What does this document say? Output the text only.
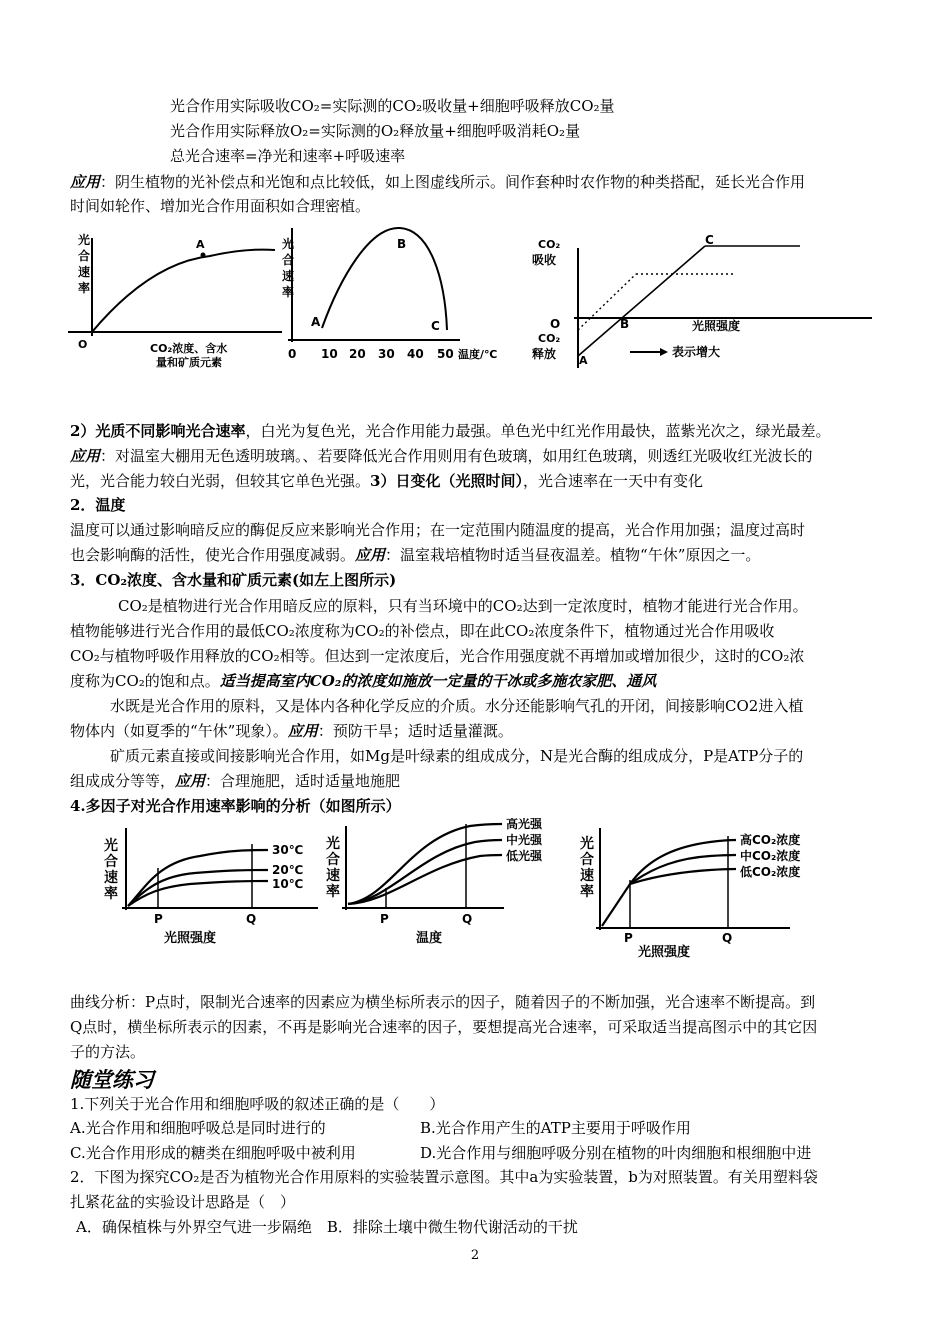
光合作用实际吸收CO₂=实际测的CO₂吸收量+细胞呼吸释放CO₂量
光合作用实际释放O₂=实际测的O₂释放量+细胞呼吸消耗O₂量
总光合速率=净光和速率+呼吸速率
应用：阴生植物的光补偿点和光饱和点比较低，如上图虚线所示。间作套种时农作物的种类搭配，延长光合作用
时间如轮作、增加光合作用面积如合理密植。
光
合
速
率
A
O	CO₂浓度、含水
量和矿质元素
光
合
速
率
A
B
C
0 10 20 30 40 50 温度/℃
CO₂
吸收
O
CO₂
释放 A
B
C
光照强度
表示增大
2）光质不同影响光合速率，白光为复色光，光合作用能力最强。单色光中红光作用最快，蓝紫光次之，绿光最差。
应用：对温室大棚用无色透明玻璃。、若要降低光合作用则用有色玻璃，如用红色玻璃，则透红光吸收红光波长的
光，光合能力较白光弱，但较其它单色光强。3）日变化（光照时间），光合速率在一天中有变化
2．温度
温度可以通过影响暗反应的酶促反应来影响光合作用；在一定范围内随温度的提高，光合作用加强；温度过高时
也会影响酶的活性，使光合作用强度减弱。应用：温室栽培植物时适当昼夜温差。植物“午休”原因之一。
3．CO₂浓度、含水量和矿质元素(如左上图所示)
CO₂是植物进行光合作用暗反应的原料，只有当环境中的CO₂达到一定浓度时，植物才能进行光合作用。
植物能够进行光合作用的最低CO₂浓度称为CO₂的补偿点，即在此CO₂浓度条件下，植物通过光合作用吸收
CO₂与植物呼吸作用释放的CO₂相等。但达到一定浓度后，光合作用强度就不再增加或增加很少，这时的CO₂浓
度称为CO₂的饱和点。适当提高室内CO₂的浓度如施放一定量的干冰或多施农家肥、通风
水既是光合作用的原料，又是体内各种化学反应的介质。水分还能影响气孔的开闭，间接影响CO2进入植
物体内（如夏季的“午休”现象）。应用：预防干旱；适时适量灌溉。
矿质元素直接或间接影响光合作用，如Mg是叶绿素的组成成分，N是光合酶的组成成分，P是ATP分子的
组成成分等等，应用：合理施肥，适时适量地施肥
4.多因子对光合作用速率影响的分析（如图所示）
光
合
速
率
30℃
20℃
10℃
P	Q
光照强度
光
合
速
率
高光强
中光强
低光强
P	Q
温度
光
合
速
率
高CO₂浓度
中CO₂浓度
低CO₂浓度
P	Q
光照强度
曲线分析：P点时，限制光合速率的因素应为横坐标所表示的因子，随着因子的不断加强，光合速率不断提高。到
Q点时，横坐标所表示的因素，不再是影响光合速率的因子，要想提高光合速率，可采取适当提高图示中的其它因
子的方法。
随堂练习
1.下列关于光合作用和细胞呼吸的叙述正确的是（　　）
A.光合作用和细胞呼吸总是同时进行的	B.光合作用产生的ATP主要用于呼吸作用
C.光合作用形成的糖类在细胞呼吸中被利用	D.光合作用与细胞呼吸分别在植物的叶肉细胞和根细胞中进
2．下图为探究CO₂是否为植物光合作用原料的实验装置示意图。其中a为实验装置，b为对照装置。有关用塑料袋
扎紧花盆的实验设计思路是（　）
A．确保植株与外界空气进一步隔绝　B．排除土壤中微生物代谢活动的干扰
2
